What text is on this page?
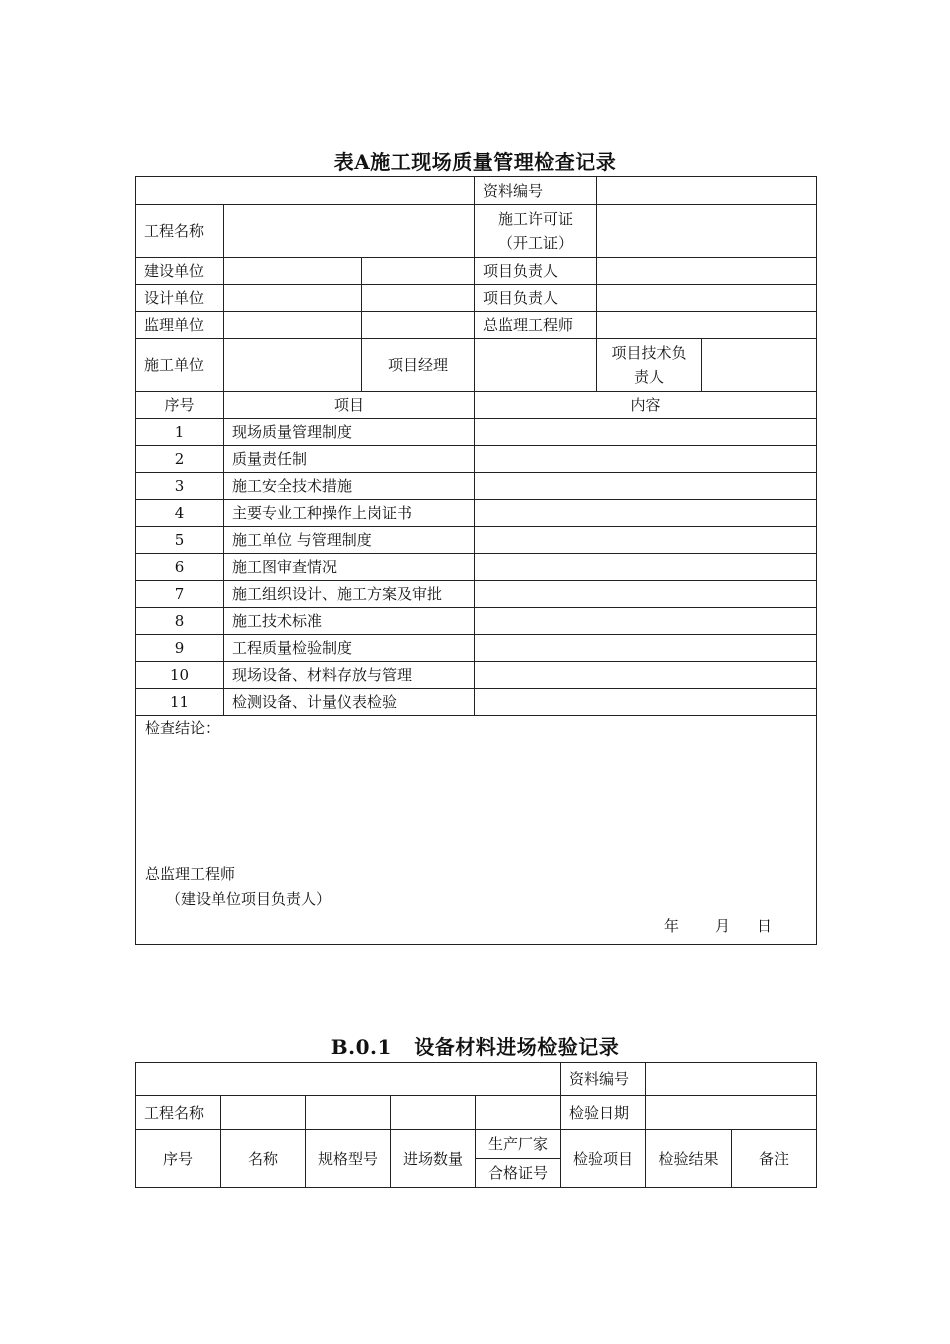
表A施工现场质量管理检查记录
			资料编号		
工程名称			施工许可证
（开工证）		

建设单位			项目负责人		
设计单位			项目负责人		
监理单位			总监理工程师		
施工单位		项目经理		项目技术负
责人	

序号	项目		内容		
1	现场质量管理制度				
2	质量责任制				
3	施工安全技术措施				
4	主要专业工种操作上岗证书				
5	施工单位 与管理制度				
6	施工图审查情况				
7	施工组织设计、施工方案及审批				
8	施工技术标准				
9	工程质量检验制度				
10	现场设备、材料存放与管理				
11	检测设备、计量仪表检验				

检查结论：
总监理工程师
（建设单位项目负责人）
年 月 日					
B.0.1   设备材料进场检验记录
					资料编号		
工程名称					检验日期		
序号	名称	规格型号	进场数量	生产厂家	检验项目	检验结果	备注
				合格证号			
